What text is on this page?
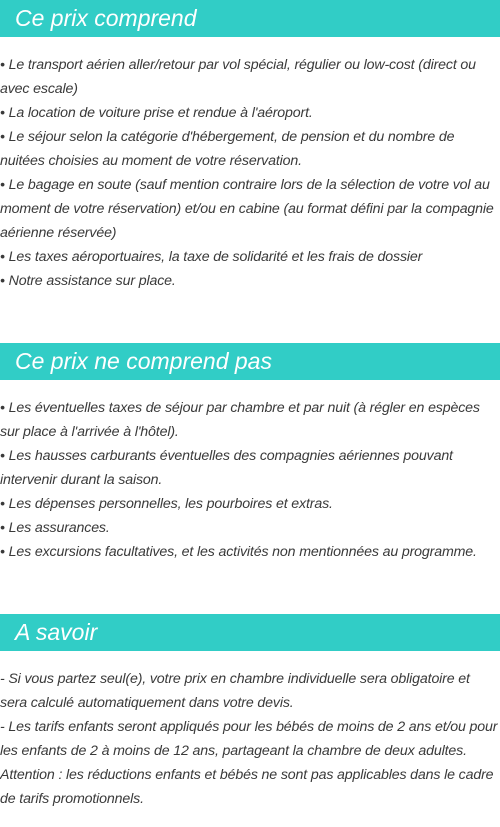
Ce prix comprend
• Le transport aérien aller/retour par vol spécial, régulier ou low-cost (direct ou avec escale)
• La location de voiture prise et rendue à l'aéroport.
• Le séjour selon la catégorie d'hébergement, de pension et du nombre de nuitées choisies au moment de votre réservation.
• Le bagage en soute (sauf mention contraire lors de la sélection de votre vol au moment de votre réservation) et/ou en cabine (au format défini par la compagnie aérienne réservée)
• Les taxes aéroportuaires, la taxe de solidarité et les frais de dossier
• Notre assistance sur place.
Ce prix ne comprend pas
• Les éventuelles taxes de séjour par chambre et par nuit (à régler en espèces sur place à l'arrivée à l'hôtel).
• Les hausses carburants éventuelles des compagnies aériennes pouvant intervenir durant la saison.
• Les dépenses personnelles, les pourboires et extras.
• Les assurances.
• Les excursions facultatives, et les activités non mentionnées au programme.
A savoir
- Si vous partez seul(e), votre prix en chambre individuelle sera obligatoire et sera calculé automatiquement dans votre devis.
- Les tarifs enfants seront appliqués pour les bébés de moins de 2 ans et/ou pour les enfants de 2 à moins de 12 ans, partageant la chambre de deux adultes.
Attention : les réductions enfants et bébés ne sont pas applicables dans le cadre de tarifs promotionnels.
